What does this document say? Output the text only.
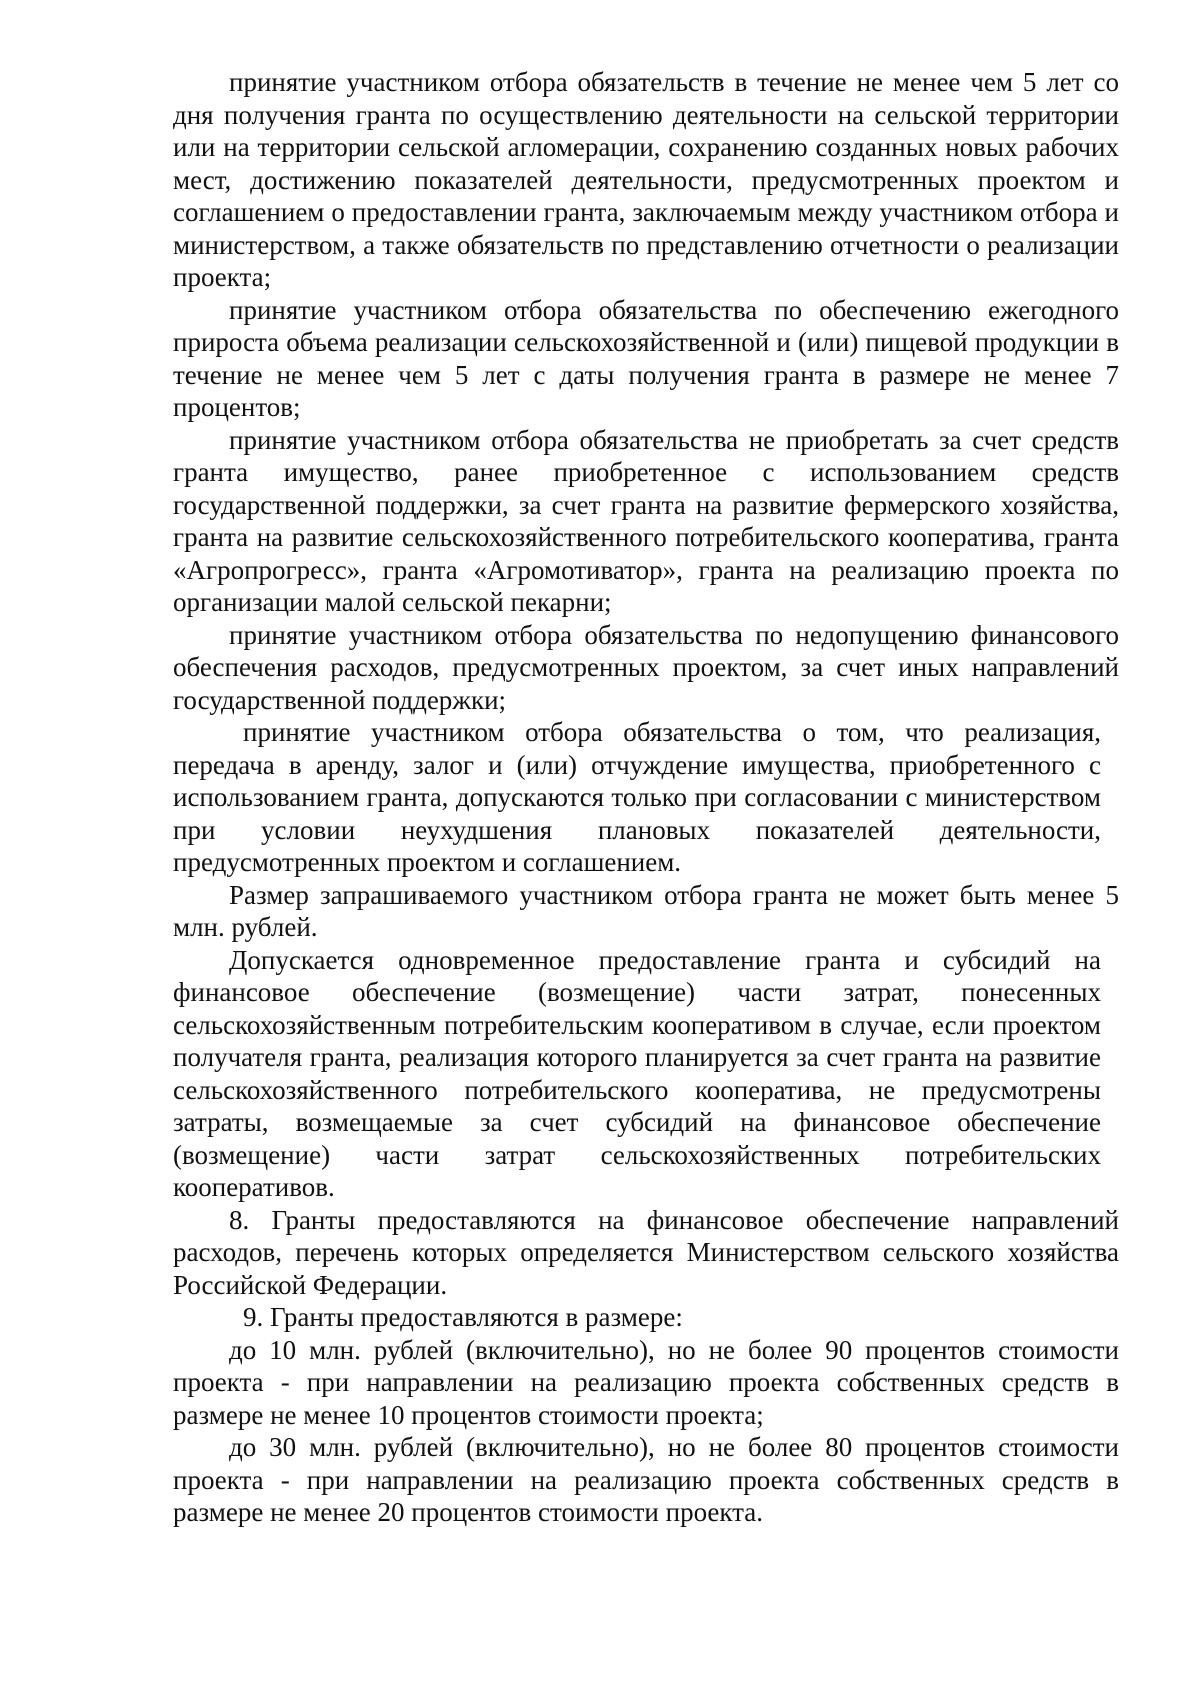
принятие участником отбора обязательств в течение не менее чем 5 лет со дня получения гранта по осуществлению деятельности на сельской территории или на территории сельской агломерации, сохранению созданных новых рабочих мест, достижению показателей деятельности, предусмотренных проектом и соглашением о предоставлении гранта, заключаемым между участником отбора и министерством, а также обязательств по представлению отчетности о реализации проекта;

принятие участником отбора обязательства по обеспечению ежегодного прироста объема реализации сельскохозяйственной и (или) пищевой продукции в течение не менее чем 5 лет с даты получения гранта в размере не менее 7 процентов;

принятие участником отбора обязательства не приобретать за счет средств гранта имущество, ранее приобретенное с использованием средств государственной поддержки, за счет гранта на развитие фермерского хозяйства, гранта на развитие сельскохозяйственного потребительского кооператива, гранта «Агропрогресс», гранта «Агромотиватор», гранта на реализацию проекта по организации малой сельской пекарни;

принятие участником отбора обязательства по недопущению финансового обеспечения расходов, предусмотренных проектом, за счет иных направлений государственной поддержки;

принятие участником отбора обязательства о том, что реализация, передача в аренду, залог и (или) отчуждение имущества, приобретенного с использованием гранта, допускаются только при согласовании с министерством при условии неухудшения плановых показателей деятельности, предусмотренных проектом и соглашением.

Размер запрашиваемого участником отбора гранта не может быть менее 5 млн. рублей.

Допускается одновременное предоставление гранта и субсидий на финансовое обеспечение (возмещение) части затрат, понесенных сельскохозяйственным потребительским кооперативом в случае, если проектом получателя гранта, реализация которого планируется за счет гранта на развитие сельскохозяйственного потребительского кооператива, не предусмотрены затраты, возмещаемые за счет субсидий на финансовое обеспечение (возмещение) части затрат сельскохозяйственных потребительских кооперативов.

8. Гранты предоставляются на финансовое обеспечение направлений расходов, перечень которых определяется Министерством сельского хозяйства Российской Федерации.

9. Гранты предоставляются в размере:

до 10 млн. рублей (включительно), но не более 90 процентов стоимости проекта - при направлении на реализацию проекта собственных средств в размере не менее 10 процентов стоимости проекта;

до 30 млн. рублей (включительно), но не более 80 процентов стоимости проекта - при направлении на реализацию проекта собственных средств в размере не менее 20 процентов стоимости проекта.
